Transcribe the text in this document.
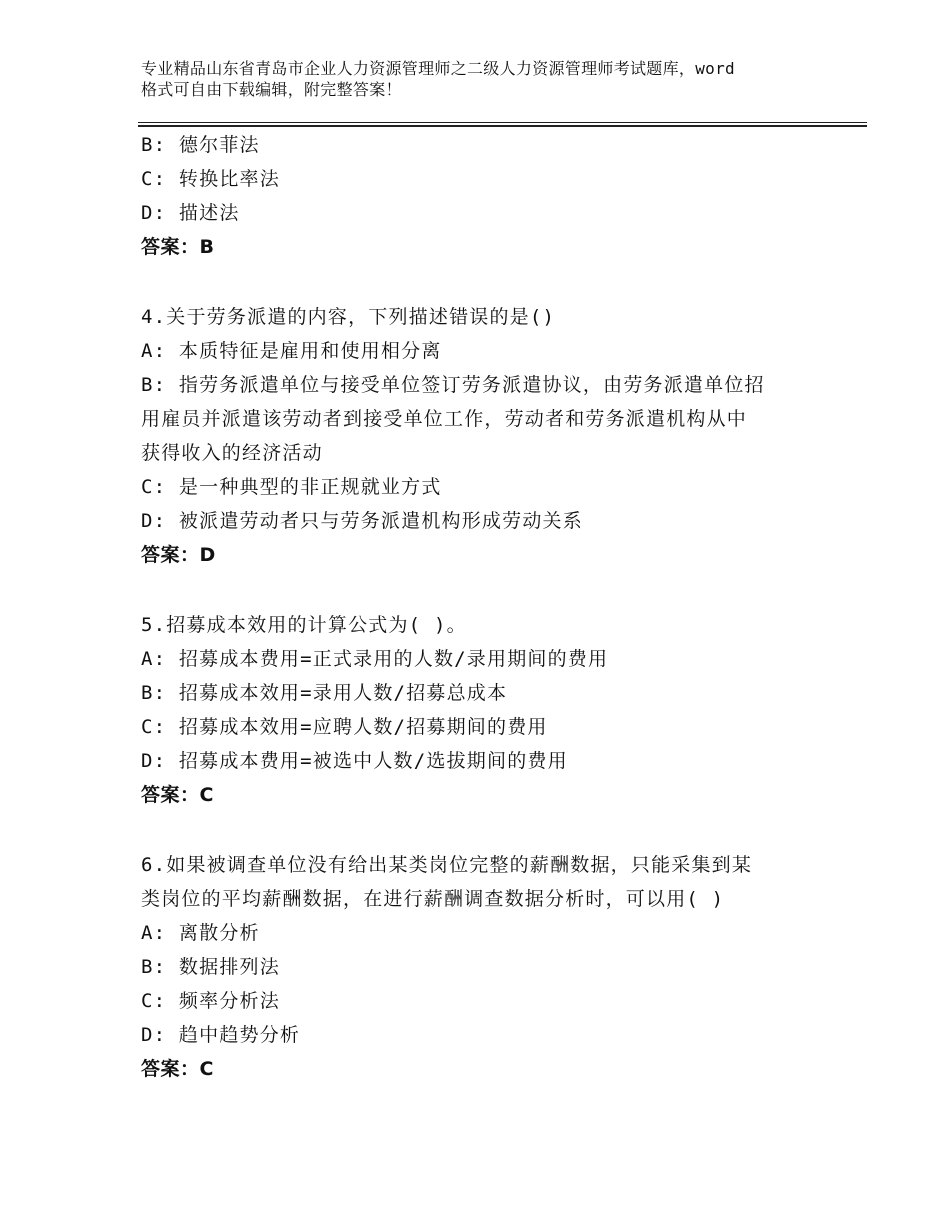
专业精品山东省青岛市企业人力资源管理师之二级人力资源管理师考试题库，word
格式可自由下载编辑，附完整答案！
B: 德尔菲法
C: 转换比率法
D: 描述法
答案：B
4.关于劳务派遣的内容，下列描述错误的是()
A: 本质特征是雇用和使用相分离
B: 指劳务派遣单位与接受单位签订劳务派遣协议，由劳务派遣单位招
用雇员并派遣该劳动者到接受单位工作，劳动者和劳务派遣机构从中
获得收入的经济活动
C: 是一种典型的非正规就业方式
D: 被派遣劳动者只与劳务派遣机构形成劳动关系
答案：D
5.招募成本效用的计算公式为( )。
A: 招募成本费用=正式录用的人数/录用期间的费用
B: 招募成本效用=录用人数/招募总成本
C: 招募成本效用=应聘人数/招募期间的费用
D: 招募成本费用=被选中人数/选拔期间的费用
答案：C
6.如果被调查单位没有给出某类岗位完整的薪酬数据，只能采集到某
类岗位的平均薪酬数据，在进行薪酬调查数据分析时，可以用( )
A: 离散分析
B: 数据排列法
C: 频率分析法
D: 趋中趋势分析
答案：C
